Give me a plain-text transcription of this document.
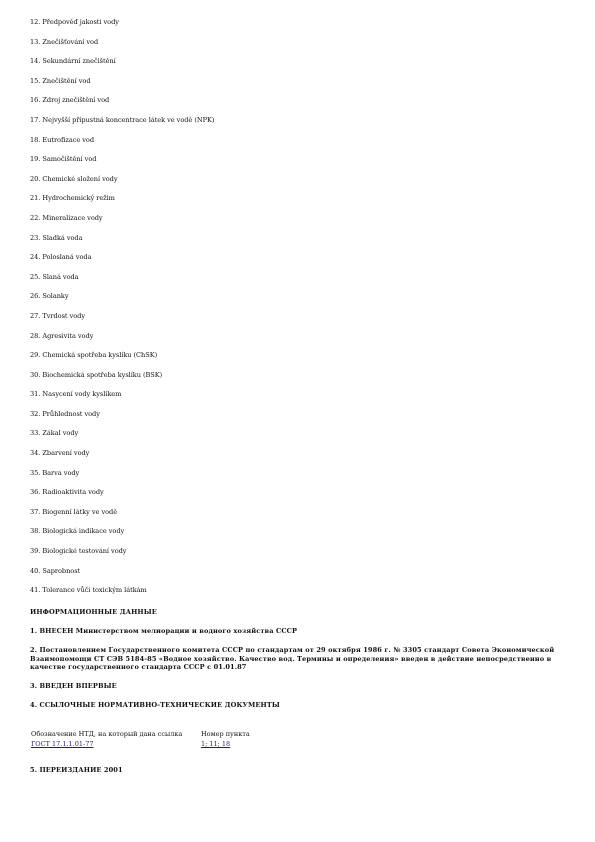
12. Předpověď jakosti vody
13. Znečišťování vod
14. Sekundární znečištění
15. Znečištění vod
16. Zdroj znečištění vod
17. Nejvyšší přípustná koncentrace látek ve vodě (NPK)
18. Eutrofizace vod
19. Samočištění vod
20. Chemické složení vody
21. Hydrochemický režim
22. Mineralizace vody
23. Sladká voda
24. Poloslaná voda
25. Slaná voda
26. Solanky
27. Tvrdost vody
28. Agresivita vody
29. Chemická spotřeba kyslíku (ChSK)
30. Biochemická spotřeba kyslíku (BSK)
31. Nasycení vody kyslíkem
32. Průhlednost vody
33. Zákal vody
34. Zbarvení vody
35. Barva vody
36. Radioaktivita vody
37. Biogenní látky ve vodě
38. Biologická indikace vody
39. Biologické testování vody
40. Saprobnost
41. Tolerance vůči toxickým látkám

ИНФОРМАЦИОННЫЕ ДАННЫЕ

1. ВНЕСЕН Министерством мелиорации и водного хозяйства СССР

2. Постановлением Государственного комитета СССР по стандартам от 29 октября 1986 г. № 3305 стандарт Совета Экономической Взаимопомощи СТ СЭВ 5184-85 «Водное хозяйство. Качество вод. Термины и определения» введен в действие непосредственно в качестве государственного стандарта СССР с 01.01.87

3. ВВЕДЕН ВПЕРВЫЕ

4. ССЫЛОЧНЫЕ НОРМАТИВНО-ТЕХНИЧЕСКИЕ ДОКУМЕНТЫ

Обозначение НТД, на который дана ссылка	Номер пункта
ГОСТ 17.1.1.01-77	1; 11; 18

5. ПЕРЕИЗДАНИЕ 2001
